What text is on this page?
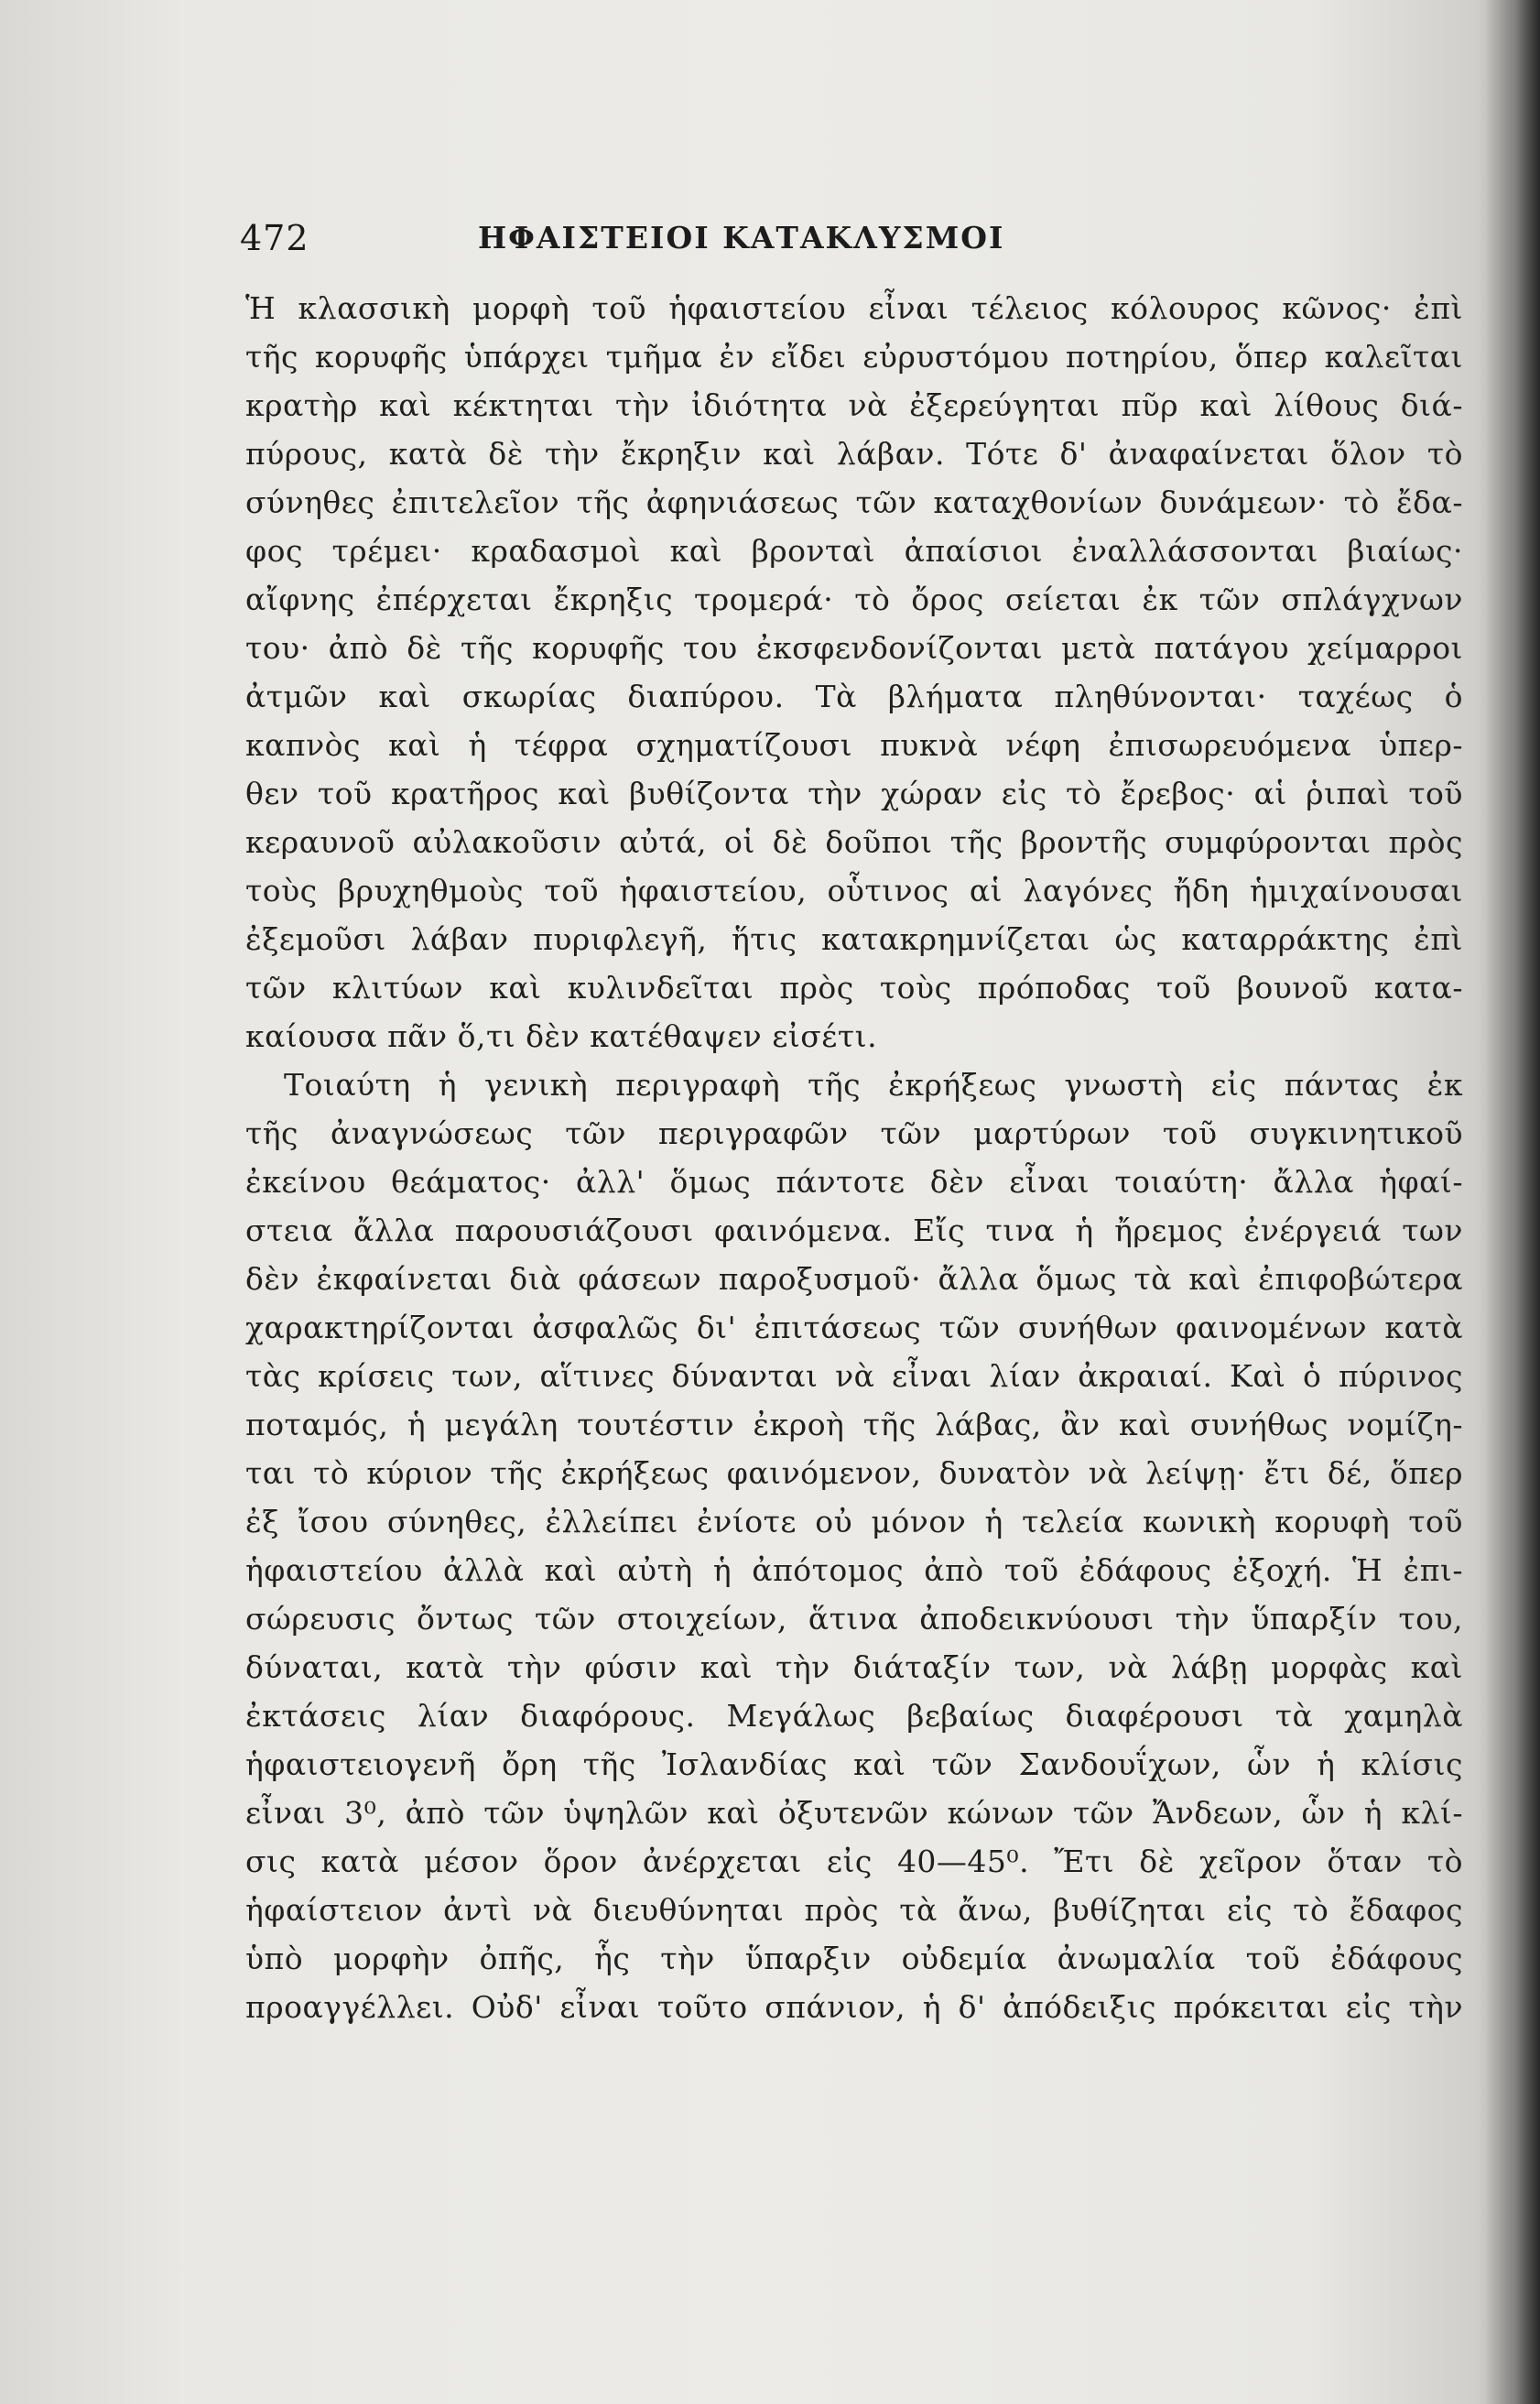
472	ΗΦΑΙΣΤΕΙΟΙ ΚΑΤΑΚΛΥΣΜΟΙ
Ἡ κλασσικὴ μορφὴ τοῦ ἡφαιστείου εἶναι τέλειος κόλουρος κῶνος· ἐπὶ
τῆς κορυφῆς ὑπάρχει τμῆμα ἐν εἴδει εὐρυστόμου ποτηρίου, ὅπερ καλεῖται
κρατὴρ καὶ κέκτηται τὴν ἰδιότητα νὰ ἐξερεύγηται πῦρ καὶ λίθους διά-
πύρους, κατὰ δὲ τὴν ἔκρηξιν καὶ λάβαν. Τότε δ' ἀναφαίνεται ὅλον τὸ
σύνηθες ἐπιτελεῖον τῆς ἀφηνιάσεως τῶν καταχθονίων δυνάμεων· τὸ ἔδα-
φος τρέμει· κραδασμοὶ καὶ βρονταὶ ἀπαίσιοι ἐναλλάσσονται βιαίως·
αἴφνης ἐπέρχεται ἔκρηξις τρομερά· τὸ ὄρος σείεται ἐκ τῶν σπλάγχνων
του· ἀπὸ δὲ τῆς κορυφῆς του ἐκσφενδονίζονται μετὰ πατάγου χείμαρροι
ἀτμῶν καὶ σκωρίας διαπύρου. Τὰ βλήματα πληθύνονται· ταχέως ὁ
καπνὸς καὶ ἡ τέφρα σχηματίζουσι πυκνὰ νέφη ἐπισωρευόμενα ὑπερ-
θεν τοῦ κρατῆρος καὶ βυθίζοντα τὴν χώραν εἰς τὸ ἔρεβος· αἱ ῥιπαὶ τοῦ
κεραυνοῦ αὐλακοῦσιν αὐτά, οἱ δὲ δοῦποι τῆς βροντῆς συμφύρονται πρὸς
τοὺς βρυχηθμοὺς τοῦ ἡφαιστείου, οὗτινος αἱ λαγόνες ἤδη ἡμιχαίνουσαι
ἐξεμοῦσι λάβαν πυριφλεγῆ, ἥτις κατακρημνίζεται ὡς καταρράκτης ἐπὶ
τῶν κλιτύων καὶ κυλινδεῖται πρὸς τοὺς πρόποδας τοῦ βουνοῦ κατα-
καίουσα πᾶν ὅ,τι δὲν κατέθαψεν εἰσέτι.
Τοιαύτη ἡ γενικὴ περιγραφὴ τῆς ἐκρήξεως γνωστὴ εἰς πάντας ἐκ
τῆς ἀναγνώσεως τῶν περιγραφῶν τῶν μαρτύρων τοῦ συγκινητικοῦ
ἐκείνου θεάματος· ἀλλ' ὅμως πάντοτε δὲν εἶναι τοιαύτη· ἄλλα ἡφαί-
στεια ἄλλα παρουσιάζουσι φαινόμενα. Εἴς τινα ἡ ἤρεμος ἐνέργειά των
δὲν ἐκφαίνεται διὰ φάσεων παροξυσμοῦ· ἄλλα ὅμως τὰ καὶ ἐπιφοβώτερα
χαρακτηρίζονται ἀσφαλῶς δι' ἐπιτάσεως τῶν συνήθων φαινομένων κατὰ
τὰς κρίσεις των, αἵτινες δύνανται νὰ εἶναι λίαν ἀκραιαί. Καὶ ὁ πύρινος
ποταμός, ἡ μεγάλη τουτέστιν ἐκροὴ τῆς λάβας, ἂν καὶ συνήθως νομίζη-
ται τὸ κύριον τῆς ἐκρήξεως φαινόμενον, δυνατὸν νὰ λείψῃ· ἔτι δέ, ὅπερ
ἐξ ἴσου σύνηθες, ἐλλείπει ἐνίοτε οὐ μόνον ἡ τελεία κωνικὴ κορυφὴ τοῦ
ἡφαιστείου ἀλλὰ καὶ αὐτὴ ἡ ἀπότομος ἀπὸ τοῦ ἐδάφους ἐξοχή. Ἡ ἐπι-
σώρευσις ὄντως τῶν στοιχείων, ἅτινα ἀποδεικνύουσι τὴν ὕπαρξίν του,
δύναται, κατὰ τὴν φύσιν καὶ τὴν διάταξίν των, νὰ λάβῃ μορφὰς καὶ
ἐκτάσεις λίαν διαφόρους. Μεγάλως βεβαίως διαφέρουσι τὰ χαμηλὰ
ἡφαιστειογενῆ ὄρη τῆς Ἰσλανδίας καὶ τῶν Σανδουΐχων, ὧν ἡ κλίσις
εἶναι 3⁰, ἀπὸ τῶν ὑψηλῶν καὶ ὀξυτενῶν κώνων τῶν Ἄνδεων, ὧν ἡ κλί-
σις κατὰ μέσον ὅρον ἀνέρχεται εἰς 40—45⁰. Ἔτι δὲ χεῖρον ὅταν τὸ
ἡφαίστειον ἀντὶ νὰ διευθύνηται πρὸς τὰ ἄνω, βυθίζηται εἰς τὸ ἔδαφος
ὑπὸ μορφὴν ὀπῆς, ἧς τὴν ὕπαρξιν οὐδεμία ἀνωμαλία τοῦ ἐδάφους
προαγγέλλει. Οὐδ' εἶναι τοῦτο σπάνιον, ἡ δ' ἀπόδειξις πρόκειται εἰς τὴν
